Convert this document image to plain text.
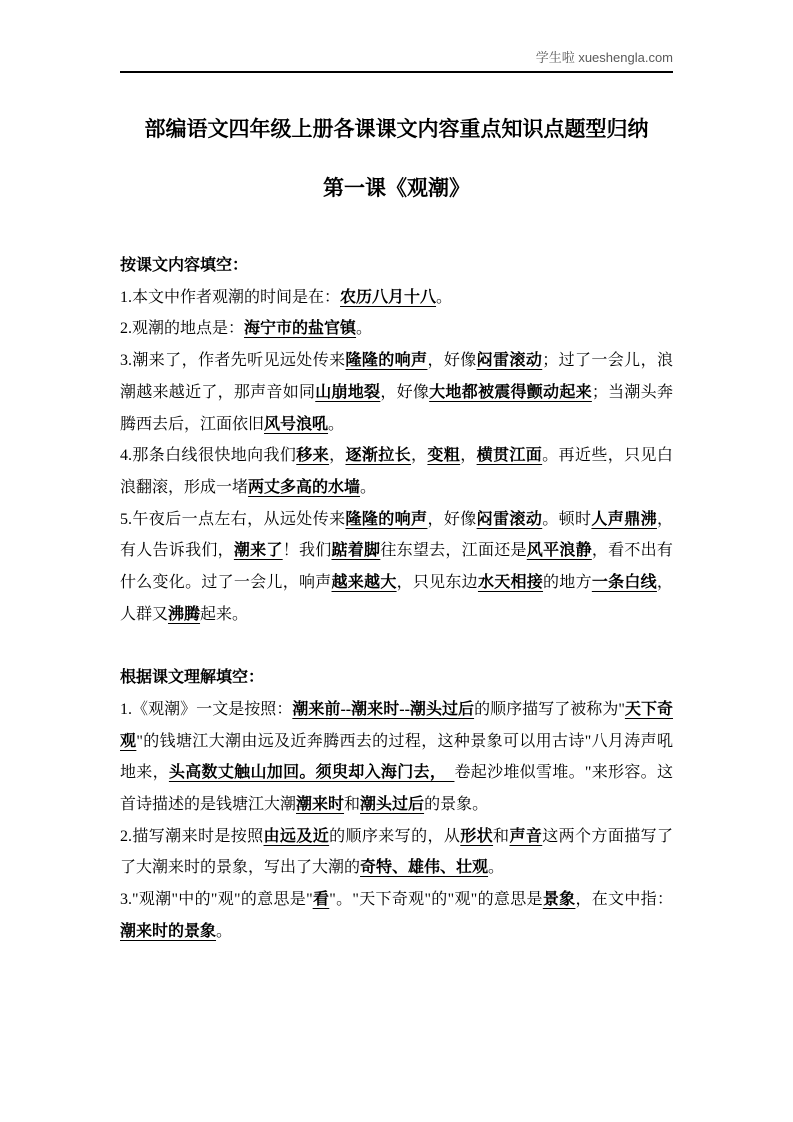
学生啦 xueshengla.com
部编语文四年级上册各课课文内容重点知识点题型归纳
第一课《观潮》

按课文内容填空：

1.本文中作者观潮的时间是在：农历八月十八。

2.观潮的地点是：海宁市的盐官镇。

3.潮来了，作者先听见远处传来隆隆的响声，好像闷雷滚动；过了一会儿，浪潮越来越近了，那声音如同山崩地裂，好像大地都被震得颤动起来；当潮头奔腾西去后，江面依旧风号浪吼。

4.那条白线很快地向我们移来，逐渐拉长，变粗，横贯江面。再近些，只见白浪翻滚，形成一堵两丈多高的水墙。

5.午夜后一点左右，从远处传来隆隆的响声，好像闷雷滚动。顿时人声鼎沸，有人告诉我们，潮来了！我们踮着脚往东望去，江面还是风平浪静，看不出有什么变化。过了一会儿，响声越来越大，只见东边水天相接的地方一条白线，人群又沸腾起来。

根据课文理解填空：

1.《观潮》一文是按照：潮来前--潮来时--潮头过后的顺序描写了被称为"天下奇观"的钱塘江大潮由远及近奔腾西去的过程，这种景象可以用古诗"八月涛声吼地来，头高数丈触山加回。须臾却入海门去，　卷起沙堆似雪堆。"来形容。这首诗描述的是钱塘江大潮潮来时和潮头过后的景象。

2.描写潮来时是按照由远及近的顺序来写的，从形状和声音这两个方面描写了了大潮来时的景象，写出了大潮的奇特、雄伟、壮观。

3."观潮"中的"观"的意思是"看"。"天下奇观"的"观"的意思是景象，在文中指：潮来时的景象。
